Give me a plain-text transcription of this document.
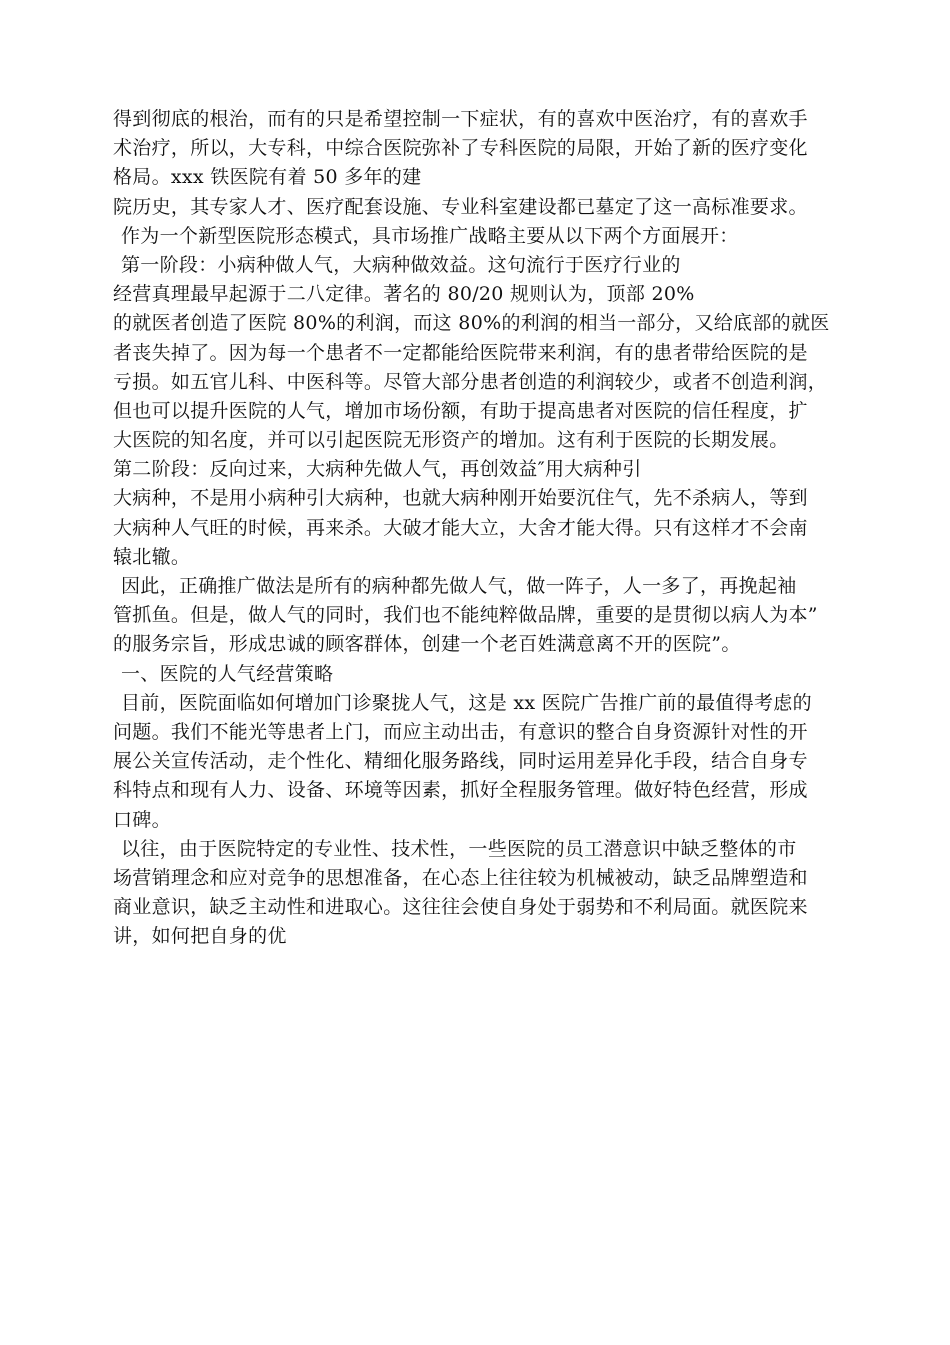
得到彻底的根治，而有的只是希望控制一下症状，有的喜欢中医治疗，有的喜欢手
术治疗，所以，大专科，中综合医院弥补了专科医院的局限，开始了新的医疗变化
格局。xxx 铁医院有着 50 多年的建
院历史，其专家人才、医疗配套设施、专业科室建设都已墓定了这一高标准要求。
作为一个新型医院形态模式，具市场推广战略主要从以下两个方面展开：
第一阶段：小病种做人气，大病种做效益。这句流行于医疗行业的
经营真理最早起源于二八定律。著名的 80/20 规则认为，顶部 20%
的就医者创造了医院 80%的利润，而这 80%的利润的相当一部分，又给底部的就医
者丧失掉了。因为每一个患者不一定都能给医院带来利润，有的患者带给医院的是
亏损。如五官儿科、中医科等。尽管大部分患者创造的利润较少，或者不创造利润，
但也可以提升医院的人气，增加市场份额，有助于提高患者对医院的信任程度，扩
大医院的知名度，并可以引起医院无形资产的增加。这有利于医院的长期发展。
第二阶段：反向过来，大病种先做人气，再创效益″用大病种引
大病种，不是用小病种引大病种，也就大病种刚开始要沉住气，先不杀病人，等到
大病种人气旺的时候，再来杀。大破才能大立，大舍才能大得。只有这样才不会南
辕北辙。
因此，正确推广做法是所有的病种都先做人气，做一阵子，人一多了，再挽起袖
管抓鱼。但是，做人气的同时，我们也不能纯粹做品牌，重要的是贯彻以病人为本”
的服务宗旨，形成忠诚的顾客群体，创建一个老百姓满意离不开的医院”。
一、医院的人气经营策略
目前，医院面临如何增加门诊聚拢人气，这是 xx 医院广告推广前的最值得考虑的
问题。我们不能光等患者上门，而应主动出击，有意识的整合自身资源针对性的开
展公关宣传活动，走个性化、精细化服务路线，同时运用差异化手段，结合自身专
科特点和现有人力、设备、环境等因素，抓好全程服务管理。做好特色经营，形成
口碑。
以往，由于医院特定的专业性、技术性，一些医院的员工潜意识中缺乏整体的市
场营销理念和应对竞争的思想准备，在心态上往往较为机械被动，缺乏品牌塑造和
商业意识，缺乏主动性和进取心。这往往会使自身处于弱势和不利局面。就医院来
讲，如何把自身的优
